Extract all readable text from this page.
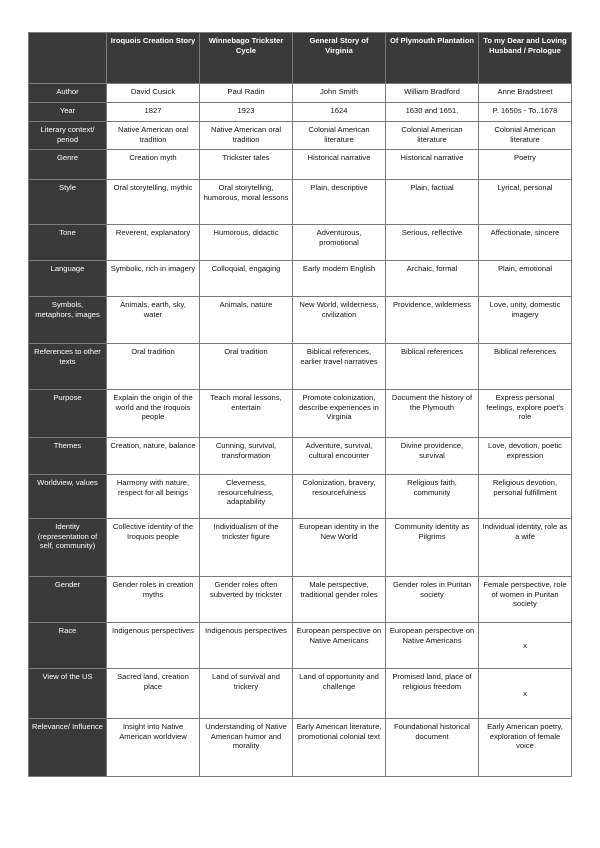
	Iroquois Creation Story	Winnebago Trickster Cycle	General Story of Virginia	Of Plymouth Plantation	To my Dear and Loving Husband / Prologue
Author	David Cusick	Paul Radin	John Smith	William Bradford	Anne Bradstreet
Year	1827	1923	1624	1630 and 1651.	P. 1650s - To..1678
Literary context/ period	Native American oral tradition	Native American oral tradition	Colonial American literature	Colonial American literature	Colonial American literature
Genre	Creation myth	Trickster tales	Historical narrative	Historical narrative	Poetry
Style	Oral storytelling, mythic	Oral storytelling, humorous, moral lessons	Plain, descriptive	Plain, factual	Lyrical, personal
Tone	Reverent, explanatory	Humorous, didactic	Adventurous, promotional	Serious, reflective	Affectionate, sincere
Language	Symbolic, rich in imagery	Colloquial, engaging	Early modern English	Archaic, formal	Plain, emotional
Symbols, metaphors, images	Animals, earth, sky, water	Animals, nature	New World, wilderness, civilization	Providence, wilderness	Love, unity, domestic imagery
References to other texts	Oral tradition	Oral tradition	Biblical references, earlier travel narratives	Biblical references	Biblical references
Purpose	Explain the origin of the world and the Iroquois people	Teach moral lessons, entertain	Promote colonization, describe experiences in Virginia	Document the history of the Plymouth	Express personal feelings, explore poet's role
Themes	Creation, nature, balance	Cunning, survival, transformation	Adventure, survival, cultural encounter	Divine providence, survival	Love, devotion, poetic expression
Worldview, values	Harmony with nature, respect for all beings	Cleverness, resourcefulness, adaptability	Colonization, bravery, resourcefulness	Religious faith, community	Religious devotion, personal fulfillment
Identity (representation of self, community)	Collective identity of the Iroquois people	Individualism of the trickster figure	European identity in the New World	Community identity as Pilgrims	Individual identity, role as a wife
Gender	Gender roles in creation myths	Gender roles often subverted by trickster	Male perspective, traditional gender roles	Gender roles in Puritan society	Female perspective, role of women in Puritan society
Race	Indigenous perspectives	Indigenous perspectives	European perspective on Native Americans	European perspective on Native Americans	x
View of the US	Sacred land, creation place	Land of survival and trickery	Land of opportunity and challenge	Promised land, place of religious freedom	x
Relevance/ Influence	Insight into Native American worldview	Understanding of Native American humor and morality	Early American literature, promotional colonial text	Foundational historical document	Early American poetry, exploration of female voice
